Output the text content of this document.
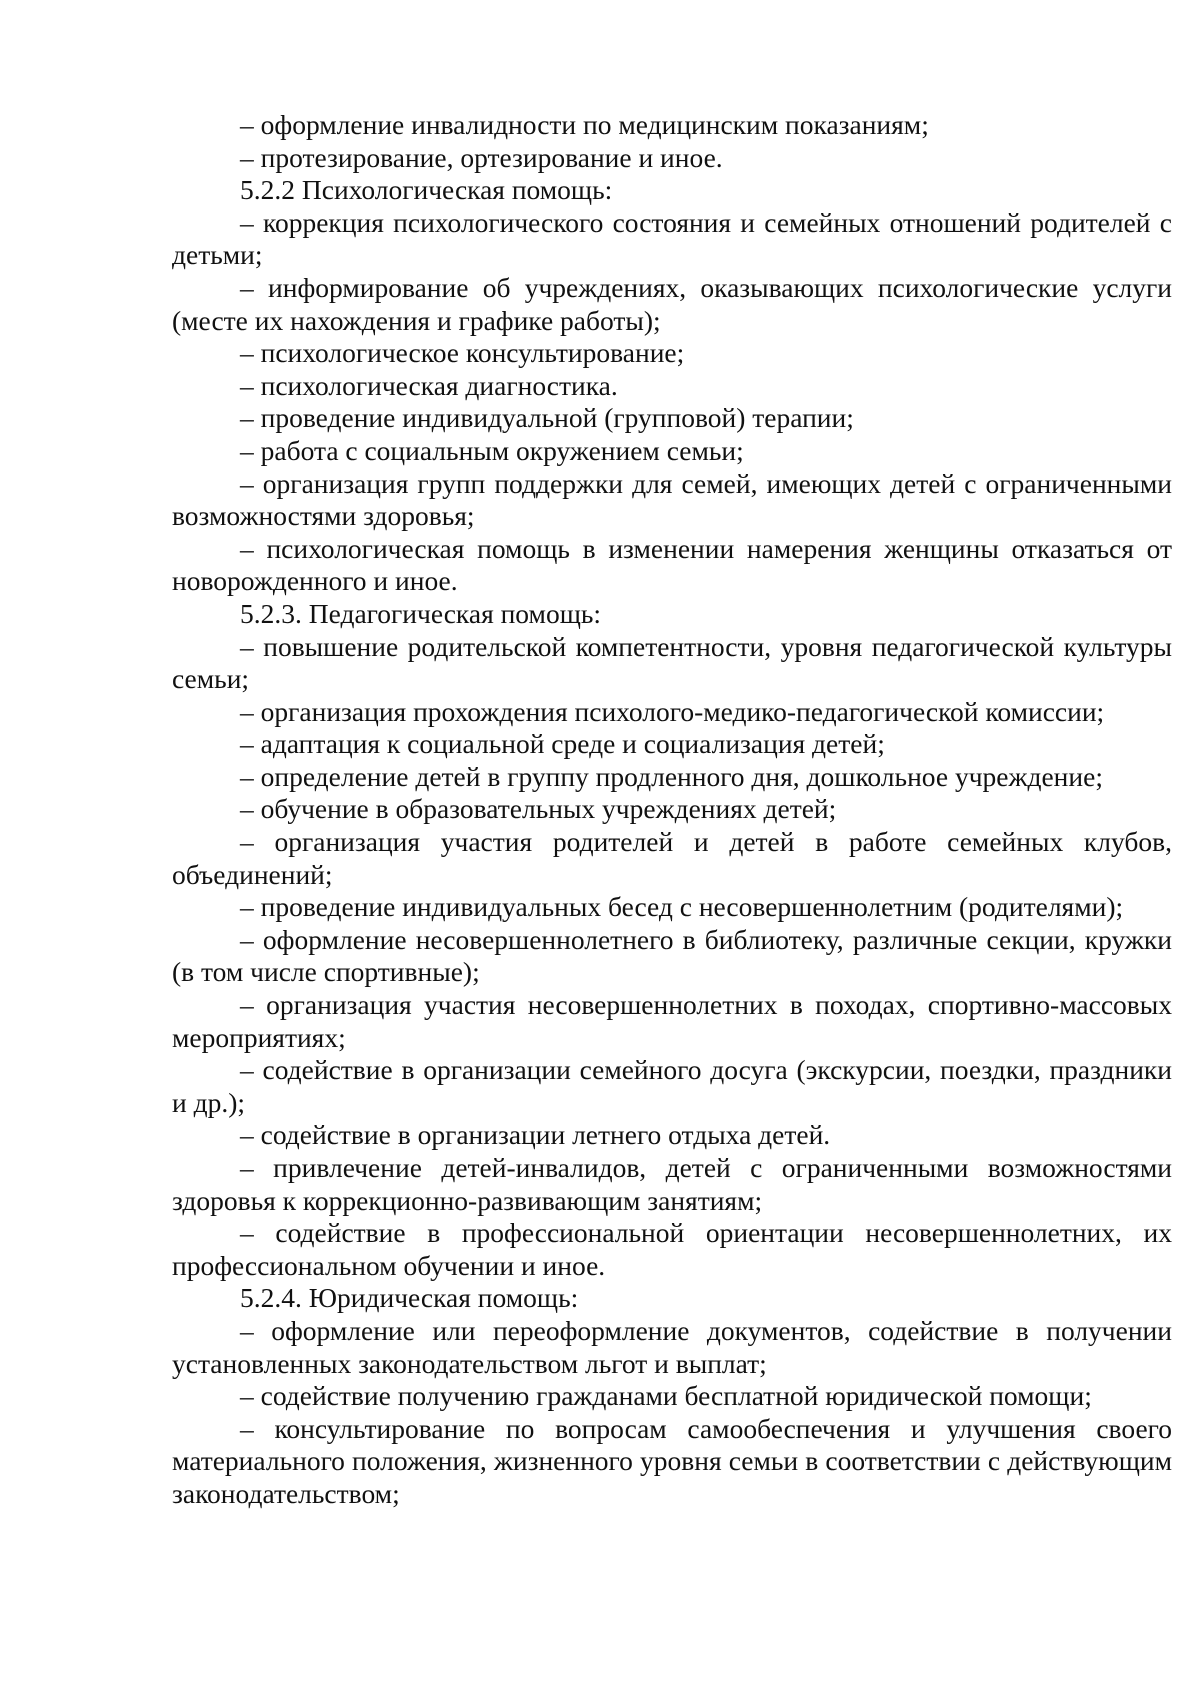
– оформление инвалидности по медицинским показаниям;

– протезирование, ортезирование и иное.

5.2.2 Психологическая помощь:

– коррекция психологического состояния и семейных отношений родителей с детьми;

– информирование об учреждениях, оказывающих психологические услуги (месте их нахождения и графике работы);

– психологическое консультирование;

– психологическая диагностика.

– проведение индивидуальной (групповой) терапии;

– работа с социальным окружением семьи;

– организация групп поддержки для семей, имеющих детей с ограниченными возможностями здоровья;

– психологическая помощь в изменении намерения женщины отказаться от новорожденного и иное.

5.2.3. Педагогическая помощь:

– повышение родительской компетентности, уровня педагогической культуры семьи;

– организация прохождения психолого-медико-педагогической комиссии;

– адаптация к социальной среде и социализация детей;

– определение детей в группу продленного дня, дошкольное учреждение;

– обучение в образовательных учреждениях детей;

– организация участия родителей и детей в работе семейных клубов, объединений;

– проведение индивидуальных бесед с несовершеннолетним (родителями);

– оформление несовершеннолетнего в библиотеку, различные секции, кружки (в том числе спортивные);

– организация участия несовершеннолетних в походах, спортивно-массовых мероприятиях;

– содействие в организации семейного досуга (экскурсии, поездки, праздники и др.);

– содействие в организации летнего отдыха детей.

– привлечение детей-инвалидов, детей с ограниченными возможностями здоровья к коррекционно-развивающим занятиям;

– содействие в профессиональной ориентации несовершеннолетних, их профессиональном обучении и иное.

5.2.4. Юридическая помощь:

– оформление или переоформление документов, содействие в получении установленных законодательством льгот и выплат;

– содействие получению гражданами бесплатной юридической помощи;

– консультирование по вопросам самообеспечения и улучшения своего материального положения, жизненного уровня семьи в соответствии с действующим законодательством;
